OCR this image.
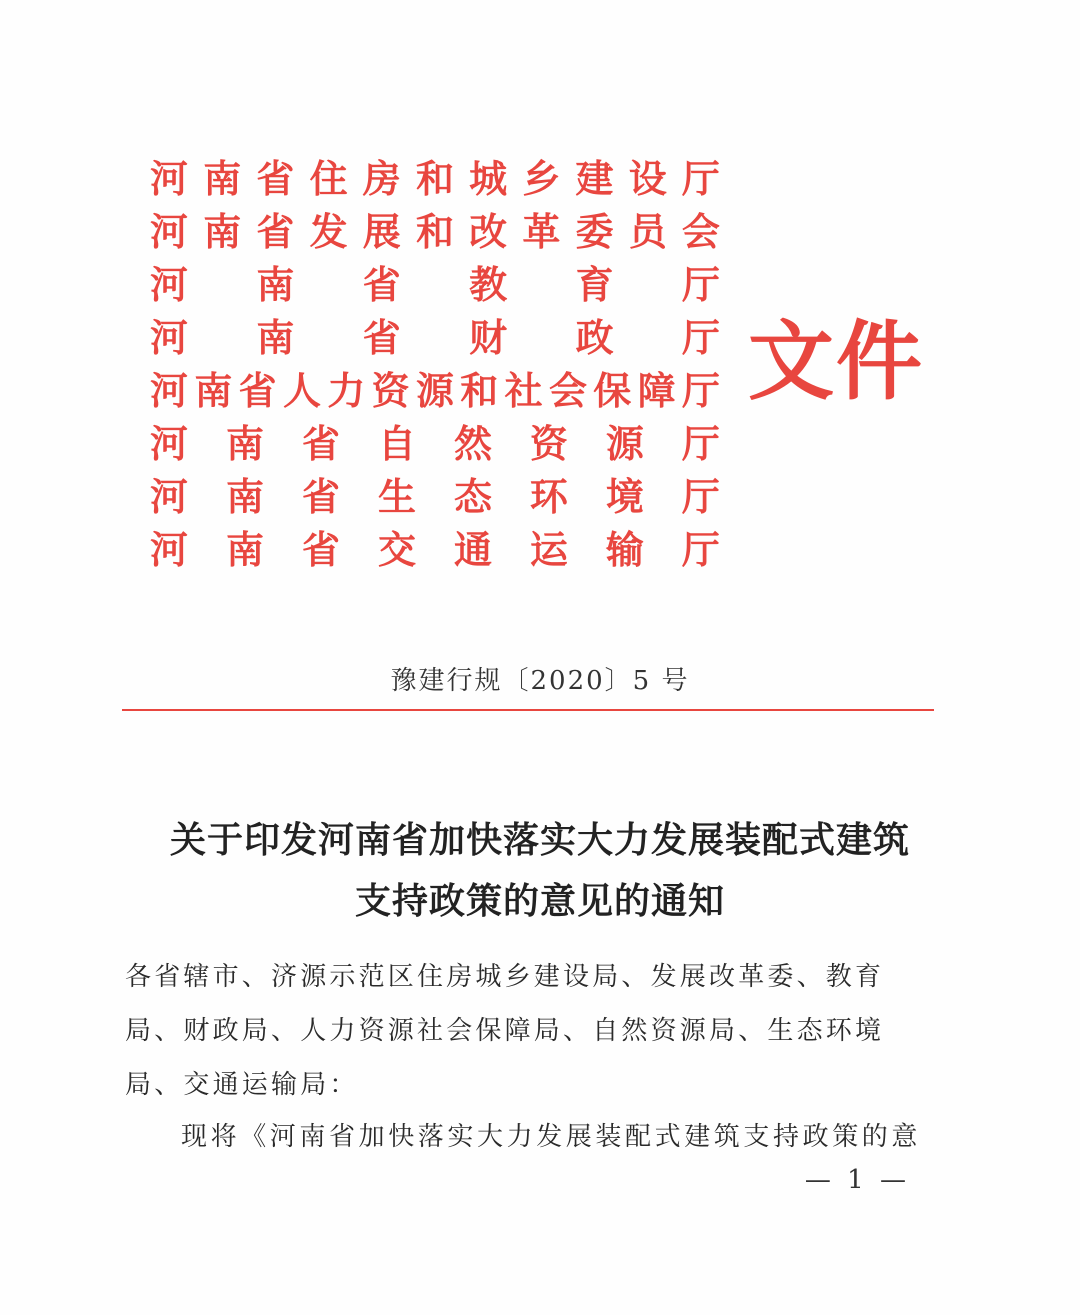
河 南 省 住 房 和 城 乡 建 设 厅
河 南 省 发 展 和 改 革 委 员 会
河 南 省 教 育 厅
河 南 省 财 政 厅
河 南 省 人 力 资 源 和 社 会 保 障 厅
河 南 省 自 然 资 源 厅
河 南 省 生 态 环 境 厅
河 南 省 交 通 运 输 厅
文件
豫建行规〔2020〕5 号
关于印发河南省加快落实大力发展装配式建筑
支持政策的意见的通知
各省辖市、济源示范区住房城乡建设局、发展改革委、教育局、财政局、人力资源社会保障局、自然资源局、生态环境局、交通运输局：
现将《河南省加快落实大力发展装配式建筑支持政策的意
— 1 —
